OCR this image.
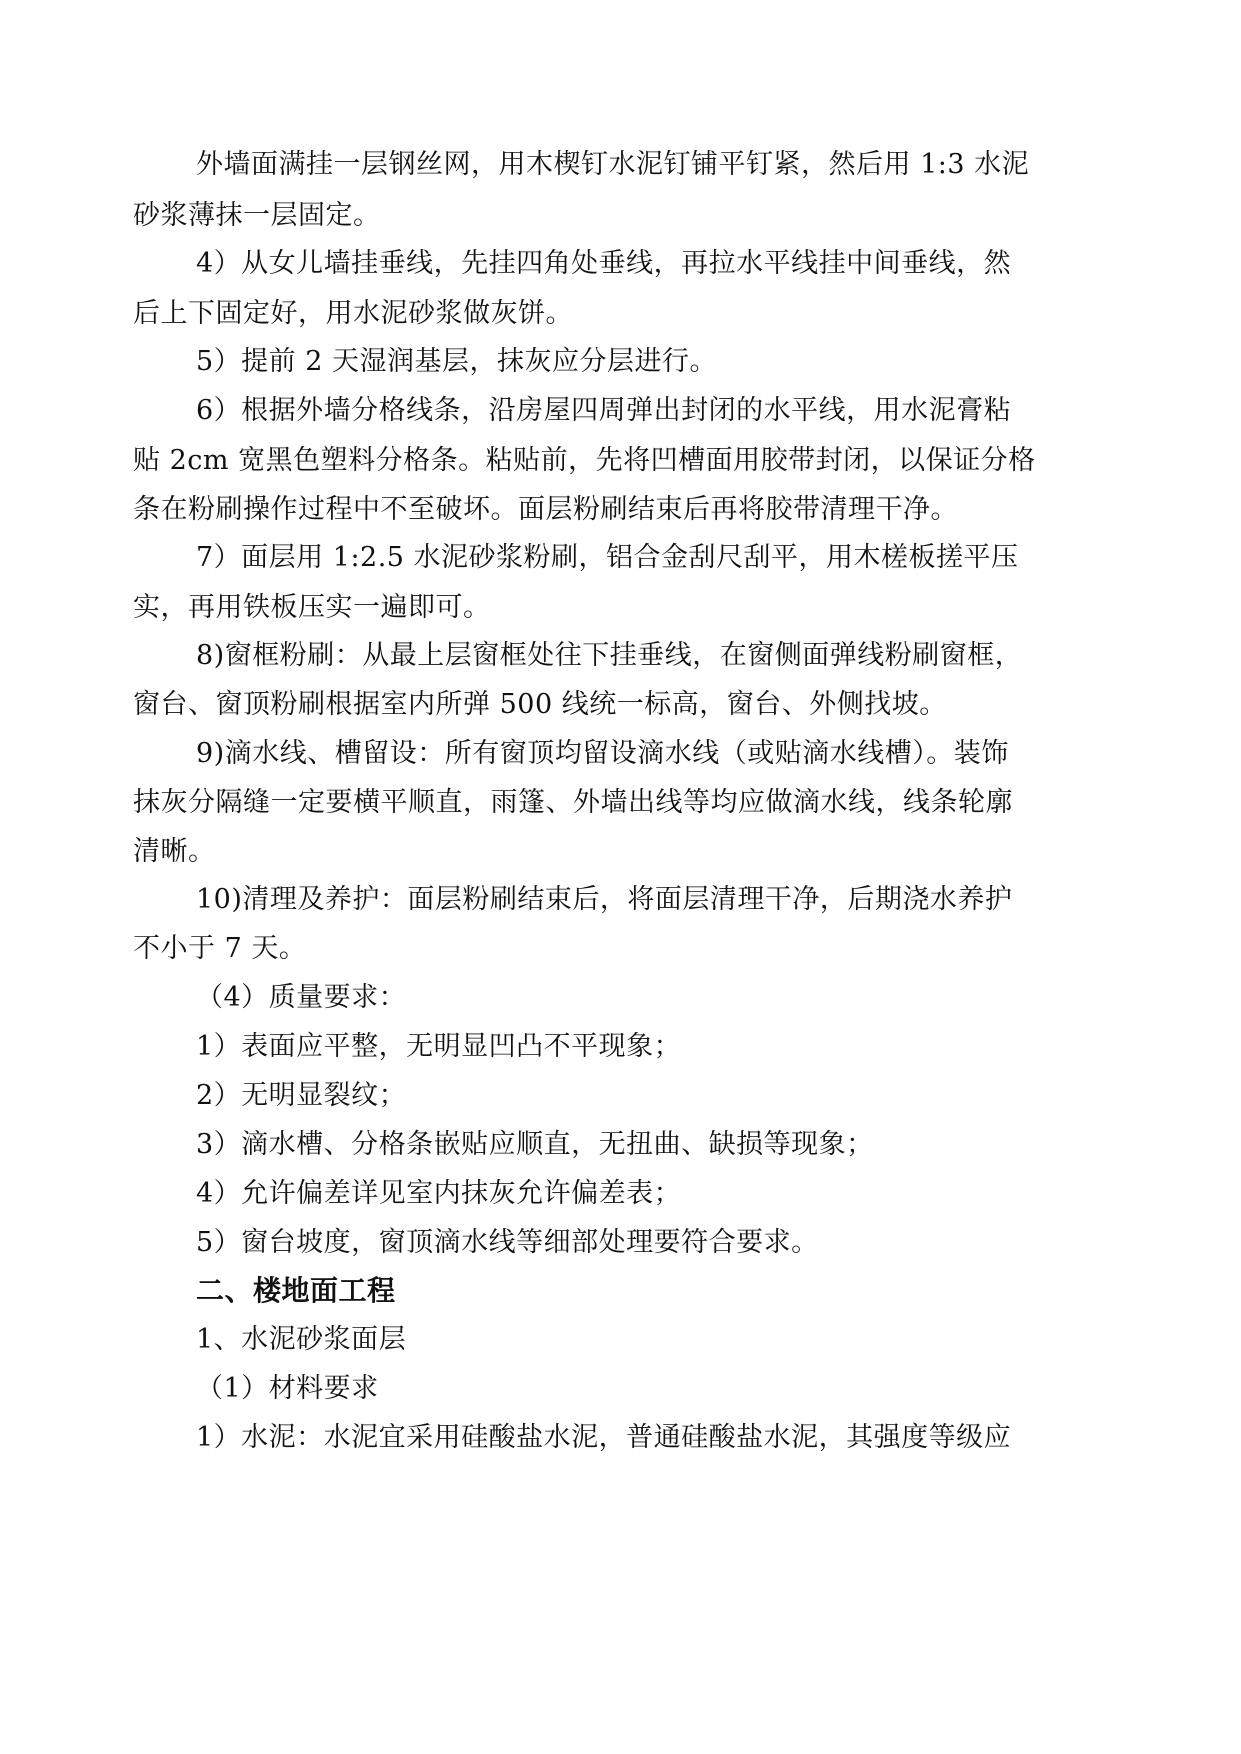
外墙面满挂一层钢丝网，用木楔钉水泥钉铺平钉紧，然后用 1:3 水泥
砂浆薄抹一层固定。
4）从女儿墙挂垂线，先挂四角处垂线，再拉水平线挂中间垂线，然
后上下固定好，用水泥砂浆做灰饼。
5）提前 2 天湿润基层，抹灰应分层进行。
6）根据外墙分格线条，沿房屋四周弹出封闭的水平线，用水泥膏粘
贴 2cm 宽黑色塑料分格条。粘贴前，先将凹槽面用胶带封闭，以保证分格
条在粉刷操作过程中不至破坏。面层粉刷结束后再将胶带清理干净。
7）面层用 1:2.5 水泥砂浆粉刷，铝合金刮尺刮平，用木槎板搓平压
实，再用铁板压实一遍即可。
8)窗框粉刷：从最上层窗框处往下挂垂线，在窗侧面弹线粉刷窗框，
窗台、窗顶粉刷根据室内所弹 500 线统一标高，窗台、外侧找坡。
9)滴水线、槽留设：所有窗顶均留设滴水线（或贴滴水线槽）。装饰
抹灰分隔缝一定要横平顺直，雨篷、外墙出线等均应做滴水线，线条轮廓
清晰。
10)清理及养护：面层粉刷结束后，将面层清理干净，后期浇水养护
不小于 7 天。
（4）质量要求：
1）表面应平整，无明显凹凸不平现象；
2）无明显裂纹；
3）滴水槽、分格条嵌贴应顺直，无扭曲、缺损等现象；
4）允许偏差详见室内抹灰允许偏差表；
5）窗台坡度，窗顶滴水线等细部处理要符合要求。
二、楼地面工程
1、水泥砂浆面层
（1）材料要求
1）水泥：水泥宜采用硅酸盐水泥，普通硅酸盐水泥，其强度等级应
